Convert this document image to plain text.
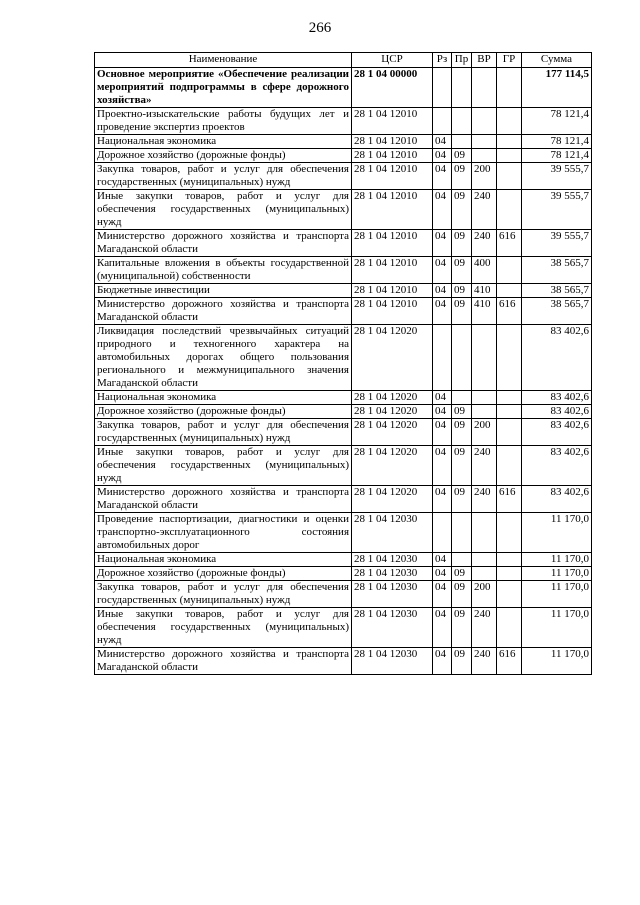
266
Наименование	ЦСР	Рз	Пр	ВР	ГР	Сумма
Основное мероприятие «Обеспечение реализации мероприятий подпрограммы в сфере дорожного хозяйства»	28 1 04 00000					177 114,5
Проектно-изыскательские работы будущих лет и проведение экспертиз проектов	28 1 04 12010					78 121,4
Национальная экономика	28 1 04 12010	04				78 121,4
Дорожное хозяйство (дорожные фонды)	28 1 04 12010	04	09			78 121,4
Закупка товаров, работ и услуг для обеспечения государственных (муниципальных) нужд	28 1 04 12010	04	09	200		39 555,7
Иные закупки товаров, работ и услуг для обеспечения государственных (муниципальных) нужд	28 1 04 12010	04	09	240		39 555,7
Министерство дорожного хозяйства и транспорта Магаданской области	28 1 04 12010	04	09	240	616	39 555,7
Капитальные вложения в объекты государственной (муниципальной) собственности	28 1 04 12010	04	09	400		38 565,7
Бюджетные инвестиции	28 1 04 12010	04	09	410		38 565,7
Министерство дорожного хозяйства и транспорта Магаданской области	28 1 04 12010	04	09	410	616	38 565,7
Ликвидация последствий чрезвычайных ситуаций природного и техногенного характера на автомобильных дорогах общего пользования регионального и межмуниципального значения Магаданской области	28 1 04 12020					83 402,6
Национальная экономика	28 1 04 12020	04				83 402,6
Дорожное хозяйство (дорожные фонды)	28 1 04 12020	04	09			83 402,6
Закупка товаров, работ и услуг для обеспечения государственных (муниципальных) нужд	28 1 04 12020	04	09	200		83 402,6
Иные закупки товаров, работ и услуг для обеспечения государственных (муниципальных) нужд	28 1 04 12020	04	09	240		83 402,6
Министерство дорожного хозяйства и транспорта Магаданской области	28 1 04 12020	04	09	240	616	83 402,6
Проведение паспортизации, диагностики и оценки транспортно-эксплуатационного состояния автомобильных дорог	28 1 04 12030					11 170,0
Национальная экономика	28 1 04 12030	04				11 170,0
Дорожное хозяйство (дорожные фонды)	28 1 04 12030	04	09			11 170,0
Закупка товаров, работ и услуг для обеспечения государственных (муниципальных) нужд	28 1 04 12030	04	09	200		11 170,0
Иные закупки товаров, работ и услуг для обеспечения государственных (муниципальных) нужд	28 1 04 12030	04	09	240		11 170,0
Министерство дорожного хозяйства и транспорта Магаданской области	28 1 04 12030	04	09	240	616	11 170,0
